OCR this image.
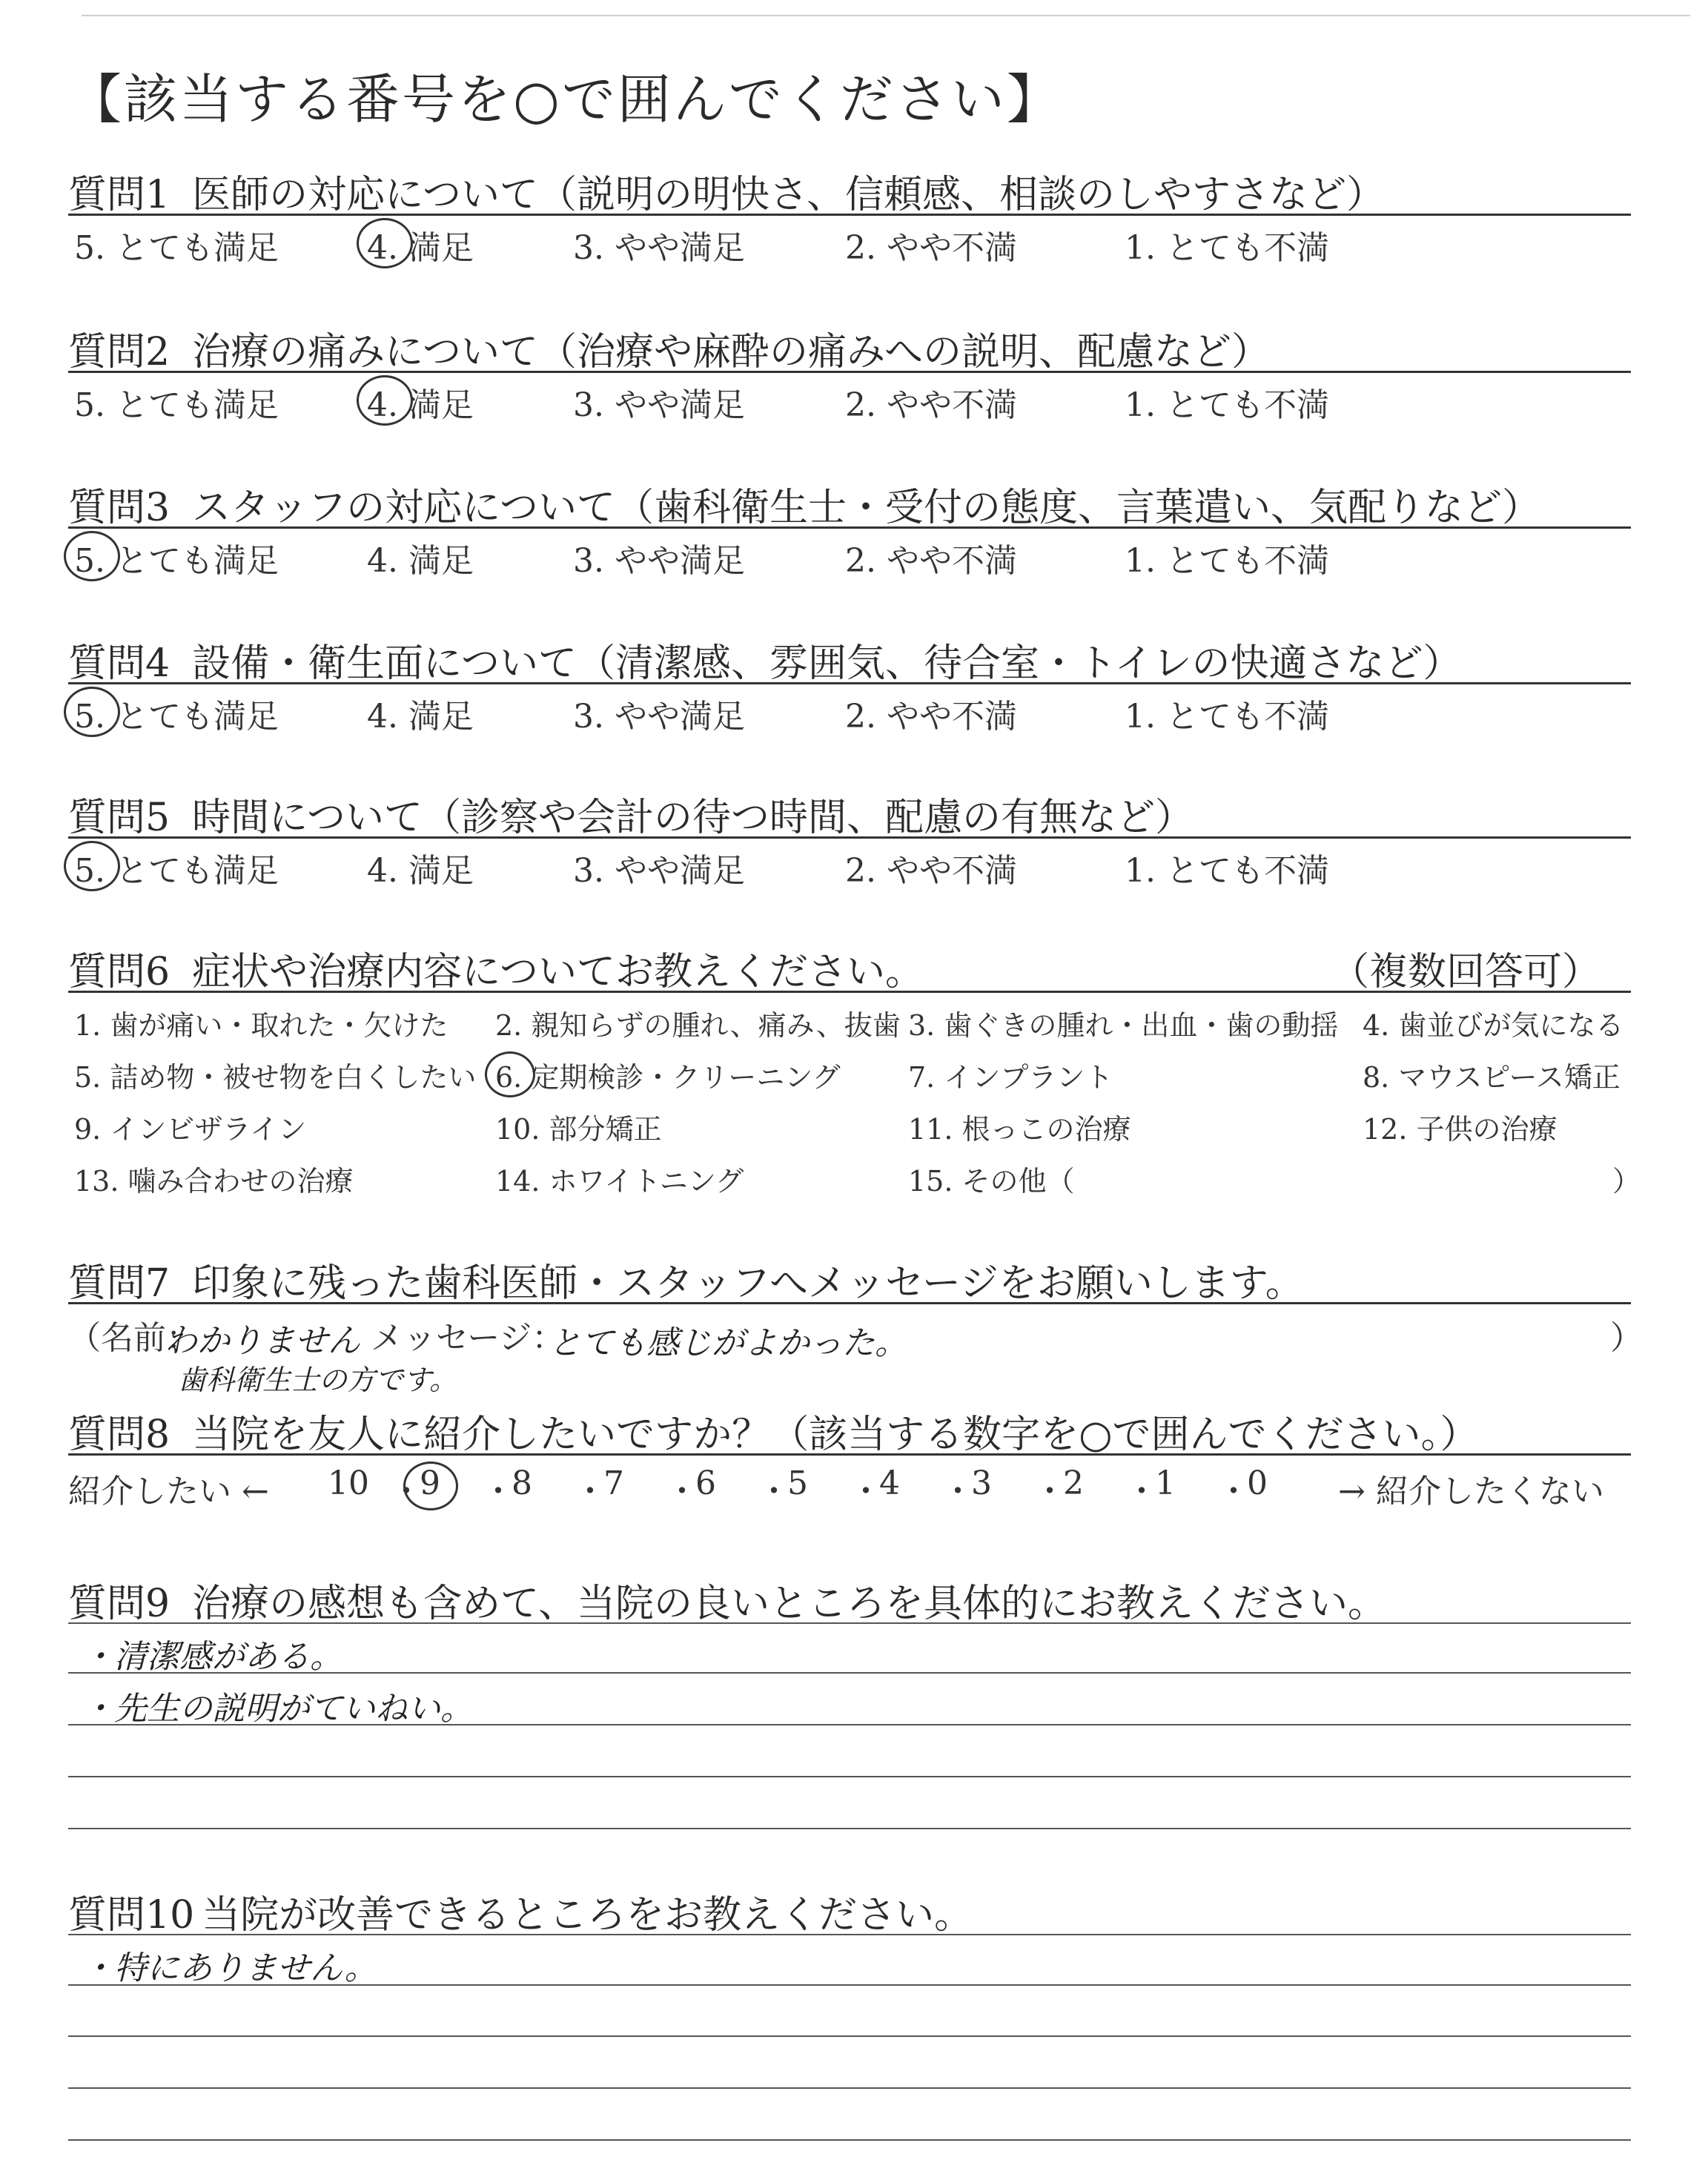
【該当する番号を○で囲んでください】
質問1 医師の対応について（説明の明快さ、信頼感、相談のしやすさなど）
5. とても満足	4. 満足	3. やや満足	2. やや不満	1. とても不満
質問2 治療の痛みについて（治療や麻酔の痛みへの説明、配慮など）
5. とても満足	4. 満足	3. やや満足	2. やや不満	1. とても不満
質問3 スタッフの対応について（歯科衛生士・受付の態度、言葉遣い、気配りなど）
5. とても満足	4. 満足	3. やや満足	2. やや不満	1. とても不満
質問4 設備・衛生面について（清潔感、雰囲気、待合室・トイレの快適さなど）
5. とても満足	4. 満足	3. やや満足	2. やや不満	1. とても不満
質問5 時間について（診察や会計の待つ時間、配慮の有無など）
5. とても満足	4. 満足	3. やや満足	2. やや不満	1. とても不満
質問6 症状や治療内容についてお教えください。	（複数回答可）
1. 歯が痛い・取れた・欠けた 2. 親知らずの腫れ、痛み、抜歯 3. 歯ぐきの腫れ・出血・歯の動揺 4. 歯並びが気になる
5. 詰め物・被せ物を白くしたい 6. 定期検診・クリーニング 7. インプラント	8. マウスピース矯正
9. インビザライン	10. 部分矯正	11. 根っこの治療	12. 子供の治療
13. 噛み合わせの治療	14. ホワイトニング	15. その他（	）
質問7 印象に残った歯科医師・スタッフへメッセージをお願いします。
（名前：
わかりません
歯科衛生士の方です。
メッセージ：
とても感じがよかった。	）
質問8 当院を友人に紹介したいですか？（該当する数字を○で囲んでください。）
紹介したい ←	→ 紹介したくない
10 ・
9 ・
8 ・
7 ・
6 ・
5 ・
4 ・
3 ・
2 ・
1 ・
0
質問9 治療の感想も含めて、当院の良いところを具体的にお教えください。
・清潔感がある。
・先生の説明がていねい。
質問10 当院が改善できるところをお教えください。
・特にありません。
